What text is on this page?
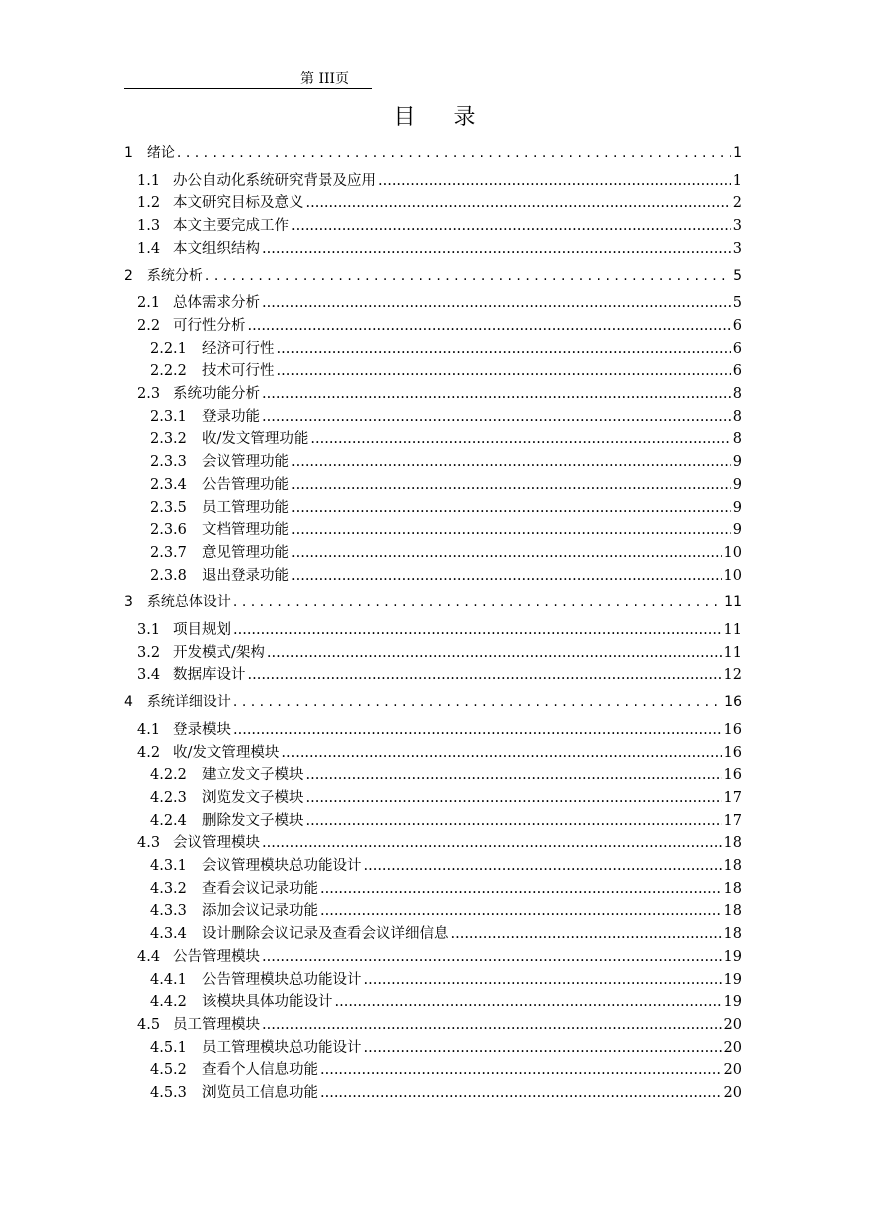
第 III页
目录
1 绪论 . . .	1
1.1 办公自动化系统研究背景及应用 .....	1
1.2 本文研究目标及意义 .....	2
1.3 本文主要完成工作 .....	3
1.4 本文组织结构 .....	3
2 系统分析 . . .	5
2.1 总体需求分析 .....	5
2.2 可行性分析 .....	6
2.2.1	经济可行性 .....	6
2.2.2	技术可行性 .....	6
2.3 系统功能分析 .....	8
2.3.1	登录功能 .....	8
2.3.2	收/发文管理功能 .....	8
2.3.3	会议管理功能 .....	9
2.3.4	公告管理功能 .....	9
2.3.5	员工管理功能 .....	9
2.3.6	文档管理功能 .....	9
2.3.7	意见管理功能 .....	10
2.3.8	退出登录功能 .....	10
3 系统总体设计 . . .	11
3.1 项目规划 .....	11
3.2 开发模式/架构 .....	11
3.4 数据库设计 .....	12
4 系统详细设计 . . .	16
4.1 登录模块 .....	16
4.2 收/发文管理模块 .....	16
4.2.2	建立发文子模块 .....	16
4.2.3	浏览发文子模块 .....	17
4.2.4	删除发文子模块 .....	17
4.3 会议管理模块 .....	18
4.3.1	会议管理模块总功能设计 .....	18
4.3.2	查看会议记录功能 .....	18
4.3.3	添加会议记录功能 .....	18
4.3.4	设计删除会议记录及查看会议详细信息 .....	18
4.4 公告管理模块 .....	19
4.4.1	公告管理模块总功能设计 .....	19
4.4.2	该模块具体功能设计 .....	19
4.5 员工管理模块 .....	20
4.5.1	员工管理模块总功能设计 .....	20
4.5.2	查看个人信息功能 .....	20
4.5.3	浏览员工信息功能 .....	20
